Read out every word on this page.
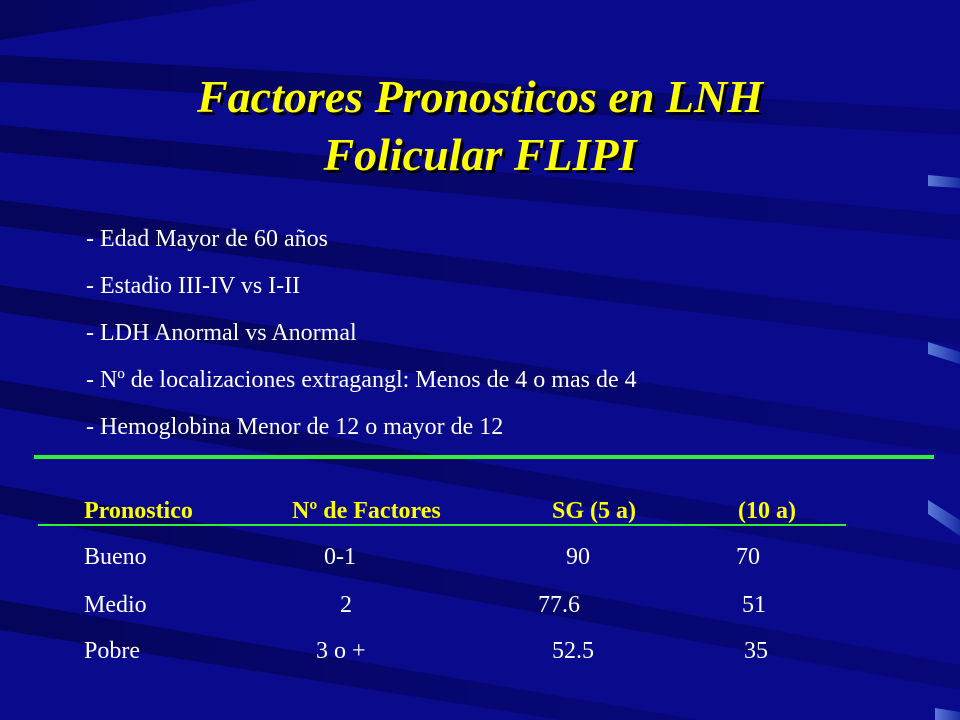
Factores Pronosticos en LNH
Folicular FLIPI
- Edad Mayor de 60 años
- Estadio III-IV vs I-II
- LDH Anormal vs Anormal
- Nº de localizaciones extragangl: Menos de 4 o mas de 4
- Hemoglobina Menor de 12 o mayor de 12
Pronostico	Nº de Factores	SG (5 a)	(10 a)
Bueno	0-1	90	70
Medio	2	77.6	51
Pobre	3 o +	52.5	35
